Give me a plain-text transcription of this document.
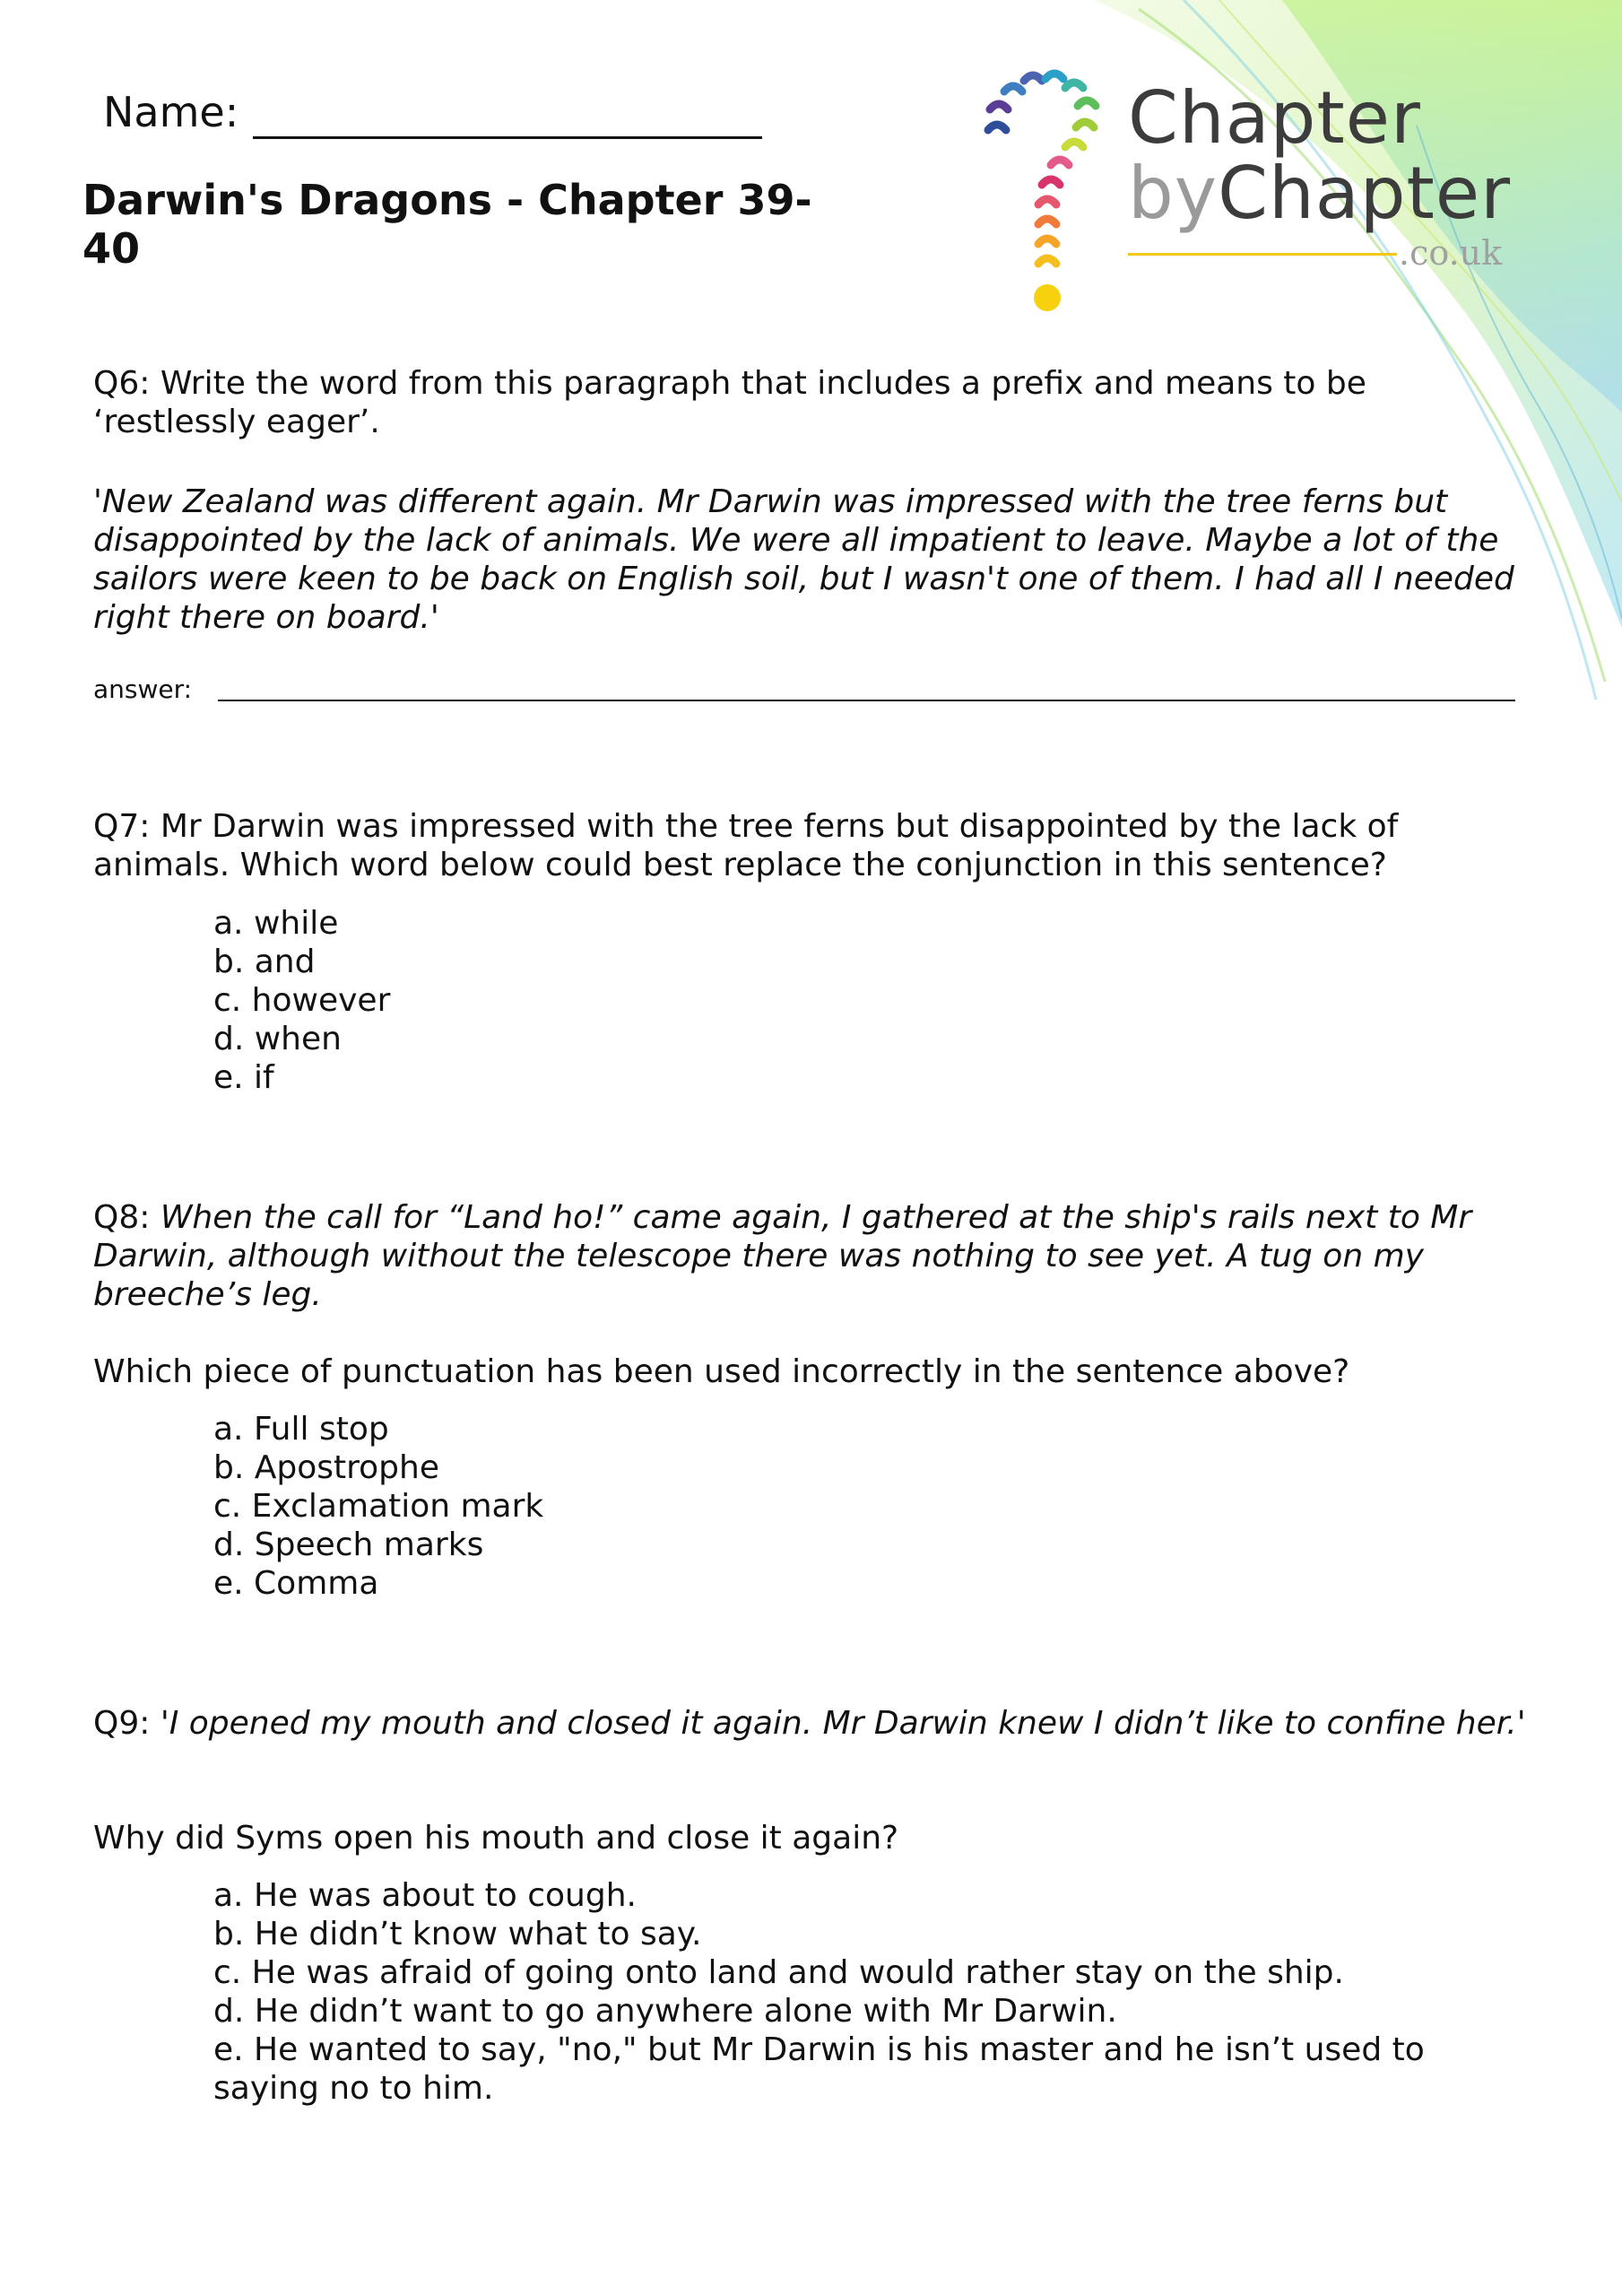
Chapter
byChapter
.co.uk
Name:
Darwin's Dragons - Chapter 39-40

Q6: Write the word from this paragraph that includes a prefix and means to be ‘restlessly eager’.

'New Zealand was different again. Mr Darwin was impressed with the tree ferns but disappointed by the lack of animals. We were all impatient to leave. Maybe a lot of the sailors were keen to be back on English soil, but I wasn't one of them. I had all I needed right there on board.'
answer:
Q7: Mr Darwin was impressed with the tree ferns but disappointed by the lack of animals. Which word below could best replace the conjunction in this sentence?
a. while
b. and
c. however
d. when
e. if
Q8: When the call for “Land ho!” came again, I gathered at the ship's rails next to Mr Darwin, although without the telescope there was nothing to see yet. A tug on my breeche’s leg.
Which piece of punctuation has been used incorrectly in the sentence above?
a. Full stop
b. Apostrophe
c. Exclamation mark
d. Speech marks
e. Comma
Q9: 'I opened my mouth and closed it again. Mr Darwin knew I didn’t like to confine her.'
Why did Syms open his mouth and close it again?
a. He was about to cough.
b. He didn’t know what to say.
c. He was afraid of going onto land and would rather stay on the ship.
d. He didn’t want to go anywhere alone with Mr Darwin.
e. He wanted to say, "no," but Mr Darwin is his master and he isn’t used to saying no to him.
